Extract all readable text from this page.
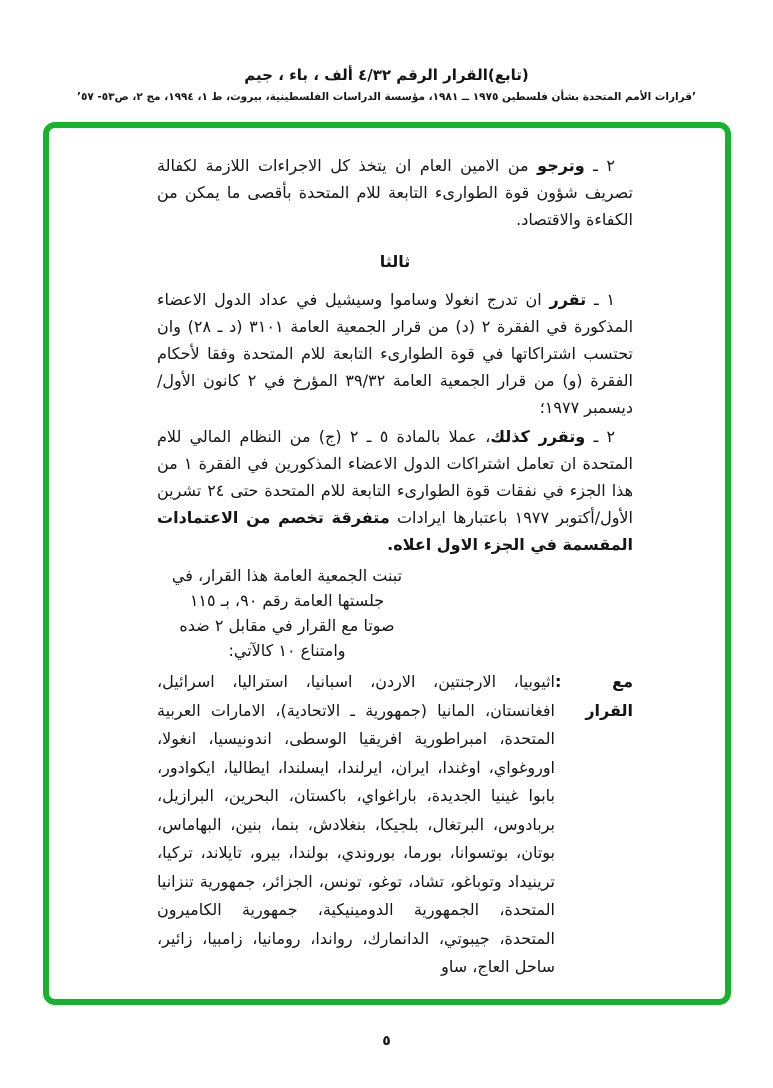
(تابع)القرار الرقم ٤/٣٢ ألف ، باء ، جيم
’قرارات الأمم المتحدة بشأن فلسطين ١٩٧٥ ــ ١٩٨١، مؤسسة الدراسات الفلسطينية، بيروت، ط ١، ١٩٩٤، مج ٢، ص٥٣- ٥٧’

٢ ـ وترجو من الامين العام ان يتخذ كل الاجراءات اللازمة لكفالة تصريف شؤون قوة الطوارىء التابعة للام المتحدة بأقصى ما يمكن من الكفاءة والاقتصاد.

ثالثا

١ ـ تقرر ان تدرج انغولا وساموا وسيشيل في عداد الدول الاعضاء المذكورة في الفقرة ٢ (د) من قرار الجمعية العامة ٣١٠١ (د ـ ٢٨) وان تحتسب اشتراكاتها في قوة الطوارىء التابعة للام المتحدة وفقا لأحكام الفقرة (و) من قرار الجمعية العامة ٣٩/٣٢ المؤرخ في ٢ كانون الأول/ ديسمبر ١٩٧٧؛

٢ ـ وتقرر كذلك، عملا بالمادة ٥ ـ ٢ (ج) من النظام المالي للام المتحدة ان تعامل اشتراكات الدول الاعضاء المذكورين في الفقرة ١ من هذا الجزء في نفقات قوة الطوارىء التابعة للام المتحدة حتى ٢٤ تشرين الأول/أكتوبر ١٩٧٧ باعتبارها ايرادات متفرقة تخصم من الاعتمادات المقسمة في الجزء الاول اعلاه.

تبنت الجمعية العامة هذا القرار، في
جلستها العامة رقم ٩٠، بـ ١١٥
صوتا مع القرار في مقابل ٢ ضده
وامتناع ١٠ كالآتي:
مع القرار
:
اثيوبيا، الارجنتين، الاردن، اسبانيا، استراليا، اسرائيل، افغانستان، المانيا (جمهورية ـ الاتحادية)، الامارات العربية المتحدة، امبراطورية افريقيا الوسطى، اندونيسيا، انغولا، اوروغواي، اوغندا، ايران، ايرلندا، ايسلندا، ايطاليا، ايكوادور، بابوا غينيا الجديدة، باراغواي، باكستان، البحرين، البرازيل، بربادوس، البرتغال، بلجيكا، بنغلادش، بنما، بنين، البهاماس، بوتان، بوتسوانا، بورما، بوروندي، بولندا، بيرو، تايلاند، تركيا، ترينيداد وتوباغو، تشاد، توغو، تونس، الجزائر، جمهورية تنزانيا المتحدة، الجمهورية الدومينيكية، جمهورية الكاميرون المتحدة، جيبوتي، الدانمارك، رواندا، رومانيا، زامبيا، زائير، ساحل العاج، ساو
٥
